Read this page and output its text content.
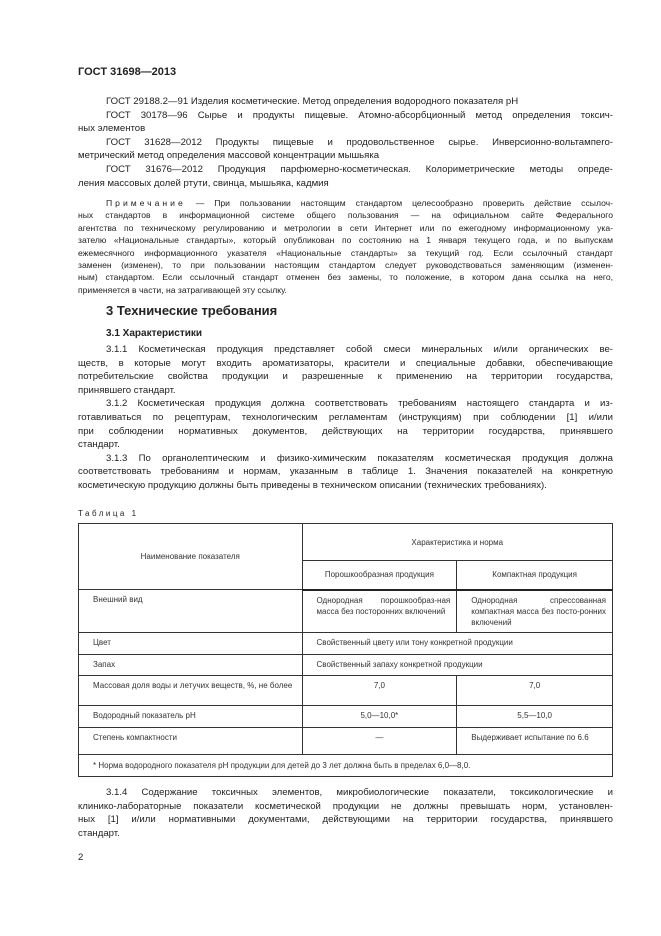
ГОСТ 31698—2013
ГОСТ 29188.2—91 Изделия косметические. Метод определения водородного показателя pH
ГОСТ 30178—96 Сырье и продукты пищевые. Атомно-абсорбционный метод определения токсич-
ных элементов
ГОСТ 31628—2012 Продукты пищевые и продовольственное сырье. Инверсионно-вольтампero-
метрический метод определения массовой концентрации мышьяка
ГОСТ 31676—2012 Продукция парфюмерно-косметическая. Колориметрические методы опреде-
ления массовых долей ртути, свинца, мышьяка, кадмия
Примечание — При пользовании настоящим стандартом целесообразно проверить действие ссылоч-
ных стандартов в информационной системе общего пользования — на официальном сайте Федерального
агентства по техническому регулированию и метрологии в сети Интернет или по ежегодному информационному ука-
зателю «Национальные стандарты», который опубликован по состоянию на 1 января текущего года, и по выпускам
ежемесячного информационного указателя «Национальные стандарты» за текущий год. Если ссылочный стандарт
заменен (изменен), то при пользовании настоящим стандартом следует руководствоваться заменяющим (изменен-
ным) стандартом. Если ссылочный стандарт отменен без замены, то положение, в котором дана ссылка на него,
применяется в части, на затрагивающей эту ссылку.
3 Технические требования
3.1 Характеристики
3.1.1 Косметическая продукция представляет собой смеси минеральных и/или органических ве-
ществ, в которые могут входить ароматизаторы, красители и специальные добавки, обеспечивающие
потребительские свойства продукции и разрешенные к применению на территории государства,
принявшего стандарт.
3.1.2 Косметическая продукция должна соответствовать требованиям настоящего стандарта и из-
готавливаться по рецептурам, технологическим регламентам (инструкциям) при соблюдении [1] и/или
при соблюдении нормативных документов, действующих на территории государства, принявшего
стандарт.
3.1.3 По органолептическим и физико-химическим показателям косметическая продукция должна
соответствовать требованиям и нормам, указанным в таблице 1. Значения показателей на конкретную
косметическую продукцию должны быть приведены в техническом описании (технических требованиях).
Таблица 1
Наименование показателя	Характеристика и норма	
	Порошкообразная продукция	Компактная продукция
Внешний вид	Однородная порошкообраз-ная масса без посторонних включений	Однородная спрессованная компактная масса без посто-ронних включений
Цвет	Свойственный цвету или тону конкретной продукции	
Запах	Свойственный запаху конкретной продукции	
Массовая доля воды и летучих веществ, %, не более	7,0	7,0
Водородный показатель pH	5,0—10,0*	5,5—10,0
Степень компактности	—	Выдерживает испытание по 6.6
* Норма водородного показателя pH продукции для детей до 3 лет должна быть в пределах 6,0—8,0.		
3.1.4 Содержание токсичных элементов, микробиологические показатели, токсикологические и
клинико-лабораторные показатели косметической продукции не должны превышать норм, установлен-
ных [1] и/или нормативными документами, действующими на территории государства, принявшего
стандарт.
2
